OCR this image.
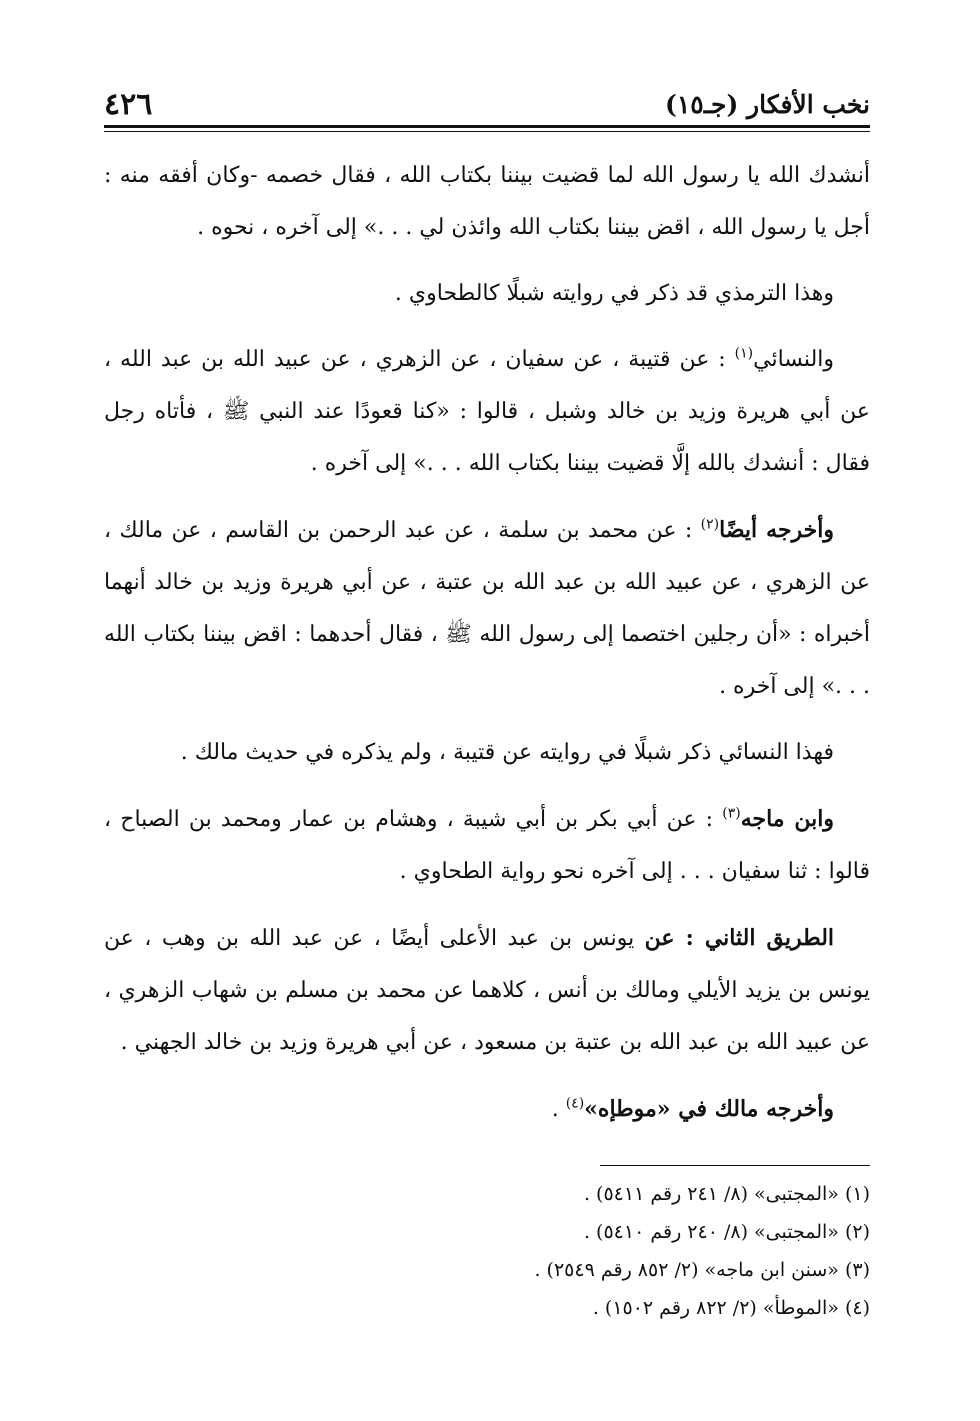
نخب الأفكار (جـ١٥)
٤٢٦

أنشدك الله يا رسول الله لما قضيت بيننا بكتاب الله ، فقال خصمه -وكان أفقه منه : أجل يا رسول الله ، اقض بيننا بكتاب الله وائذن لي . . .» إلى آخره ، نحوه .

وهذا الترمذي قد ذكر في روايته شبلًا كالطحاوي .

والنسائي$^{(١)}$ : عن قتيبة ، عن سفيان ، عن الزهري ، عن عبيد الله بن عبد الله ، عن أبي هريرة وزيد بن خالد وشبل ، قالوا : «كنا قعودًا عند النبي ﷺ ، فأتاه رجل فقال : أنشدك بالله إلَّا قضيت بيننا بكتاب الله . . .» إلى آخره .

وأخرجه أيضًا$^{(٢)}$ : عن محمد بن سلمة ، عن عبد الرحمن بن القاسم ، عن مالك ، عن الزهري ، عن عبيد الله بن عبد الله بن عتبة ، عن أبي هريرة وزيد بن خالد أنهما أخبراه : «أن رجلين اختصما إلى رسول الله ﷺ ، فقال أحدهما : اقض بيننا بكتاب الله . . .» إلى آخره .

فهذا النسائي ذكر شبلًا في روايته عن قتيبة ، ولم يذكره في حديث مالك .

وابن ماجه$^{(٣)}$ : عن أبي بكر بن أبي شيبة ، وهشام بن عمار ومحمد بن الصباح ، قالوا : ثنا سفيان . . . إلى آخره نحو رواية الطحاوي .

الطريق الثاني : عن يونس بن عبد الأعلى أيضًا ، عن عبد الله بن وهب ، عن يونس بن يزيد الأيلي ومالك بن أنس ، كلاهما عن محمد بن مسلم بن شهاب الزهري ، عن عبيد الله بن عبد الله بن عتبة بن مسعود ، عن أبي هريرة وزيد بن خالد الجهني .

وأخرجه مالك في «موطإه»$^{(٤)}$ .

(١) «المجتبى» (٨/ ٢٤١ رقم ٥٤١١) .

(٢) «المجتبى» (٨/ ٢٤٠ رقم ٥٤١٠) .

(٣) «سنن ابن ماجه» (٢/ ٨٥٢ رقم ٢٥٤٩) .

(٤) «الموطأ» (٢/ ٨٢٢ رقم ١٥٠٢) .
